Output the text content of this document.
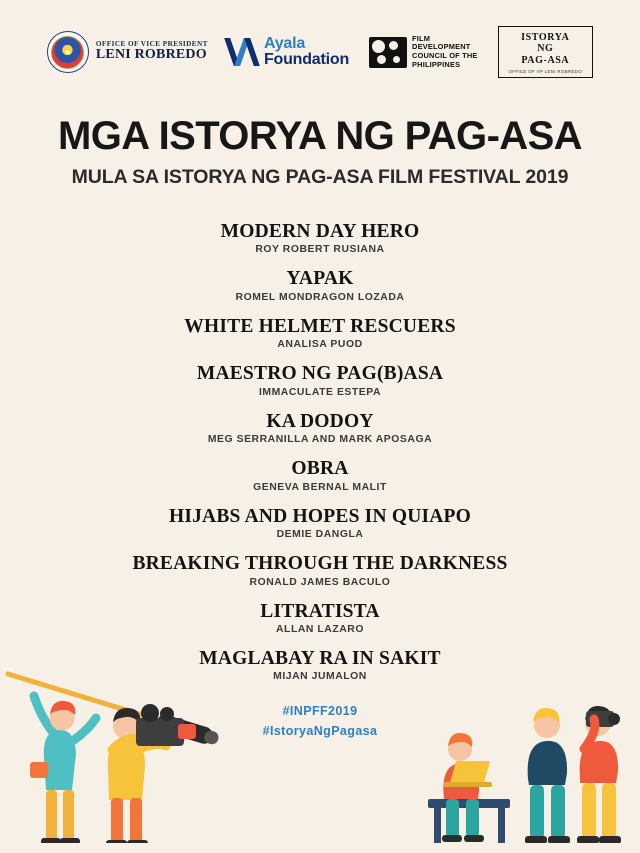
OFFICE OF VICE PRESIDENT
LENI ROBREDO
Ayala
Foundation
FILM
DEVELOPMENT
COUNCIL OF THE
PHILIPPINES
ISTORYA
NG
PAG-ASA
OFFICE OF VP LENI ROBREDO
MGA ISTORYA NG PAG-ASA
MULA SA ISTORYA NG PAG-ASA FILM FESTIVAL 2019
MODERN DAY HERO
ROY ROBERT RUSIANA
YAPAK
ROMEL MONDRAGON LOZADA
WHITE HELMET RESCUERS
ANALISA PUOD
MAESTRO NG PAG(B)ASA
IMMACULATE ESTEPA
KA DODOY
MEG SERRANILLA AND MARK APOSAGA
OBRA
GENEVA BERNAL MALIT
HIJABS AND HOPES IN QUIAPO
DEMIE DANGLA
BREAKING THROUGH THE DARKNESS
RONALD JAMES BACULO
LITRATISTA
ALLAN LAZARO
MAGLABAY RA IN SAKIT
MIJAN JUMALON
#INPFF2019
#IstoryaNgPagasa
